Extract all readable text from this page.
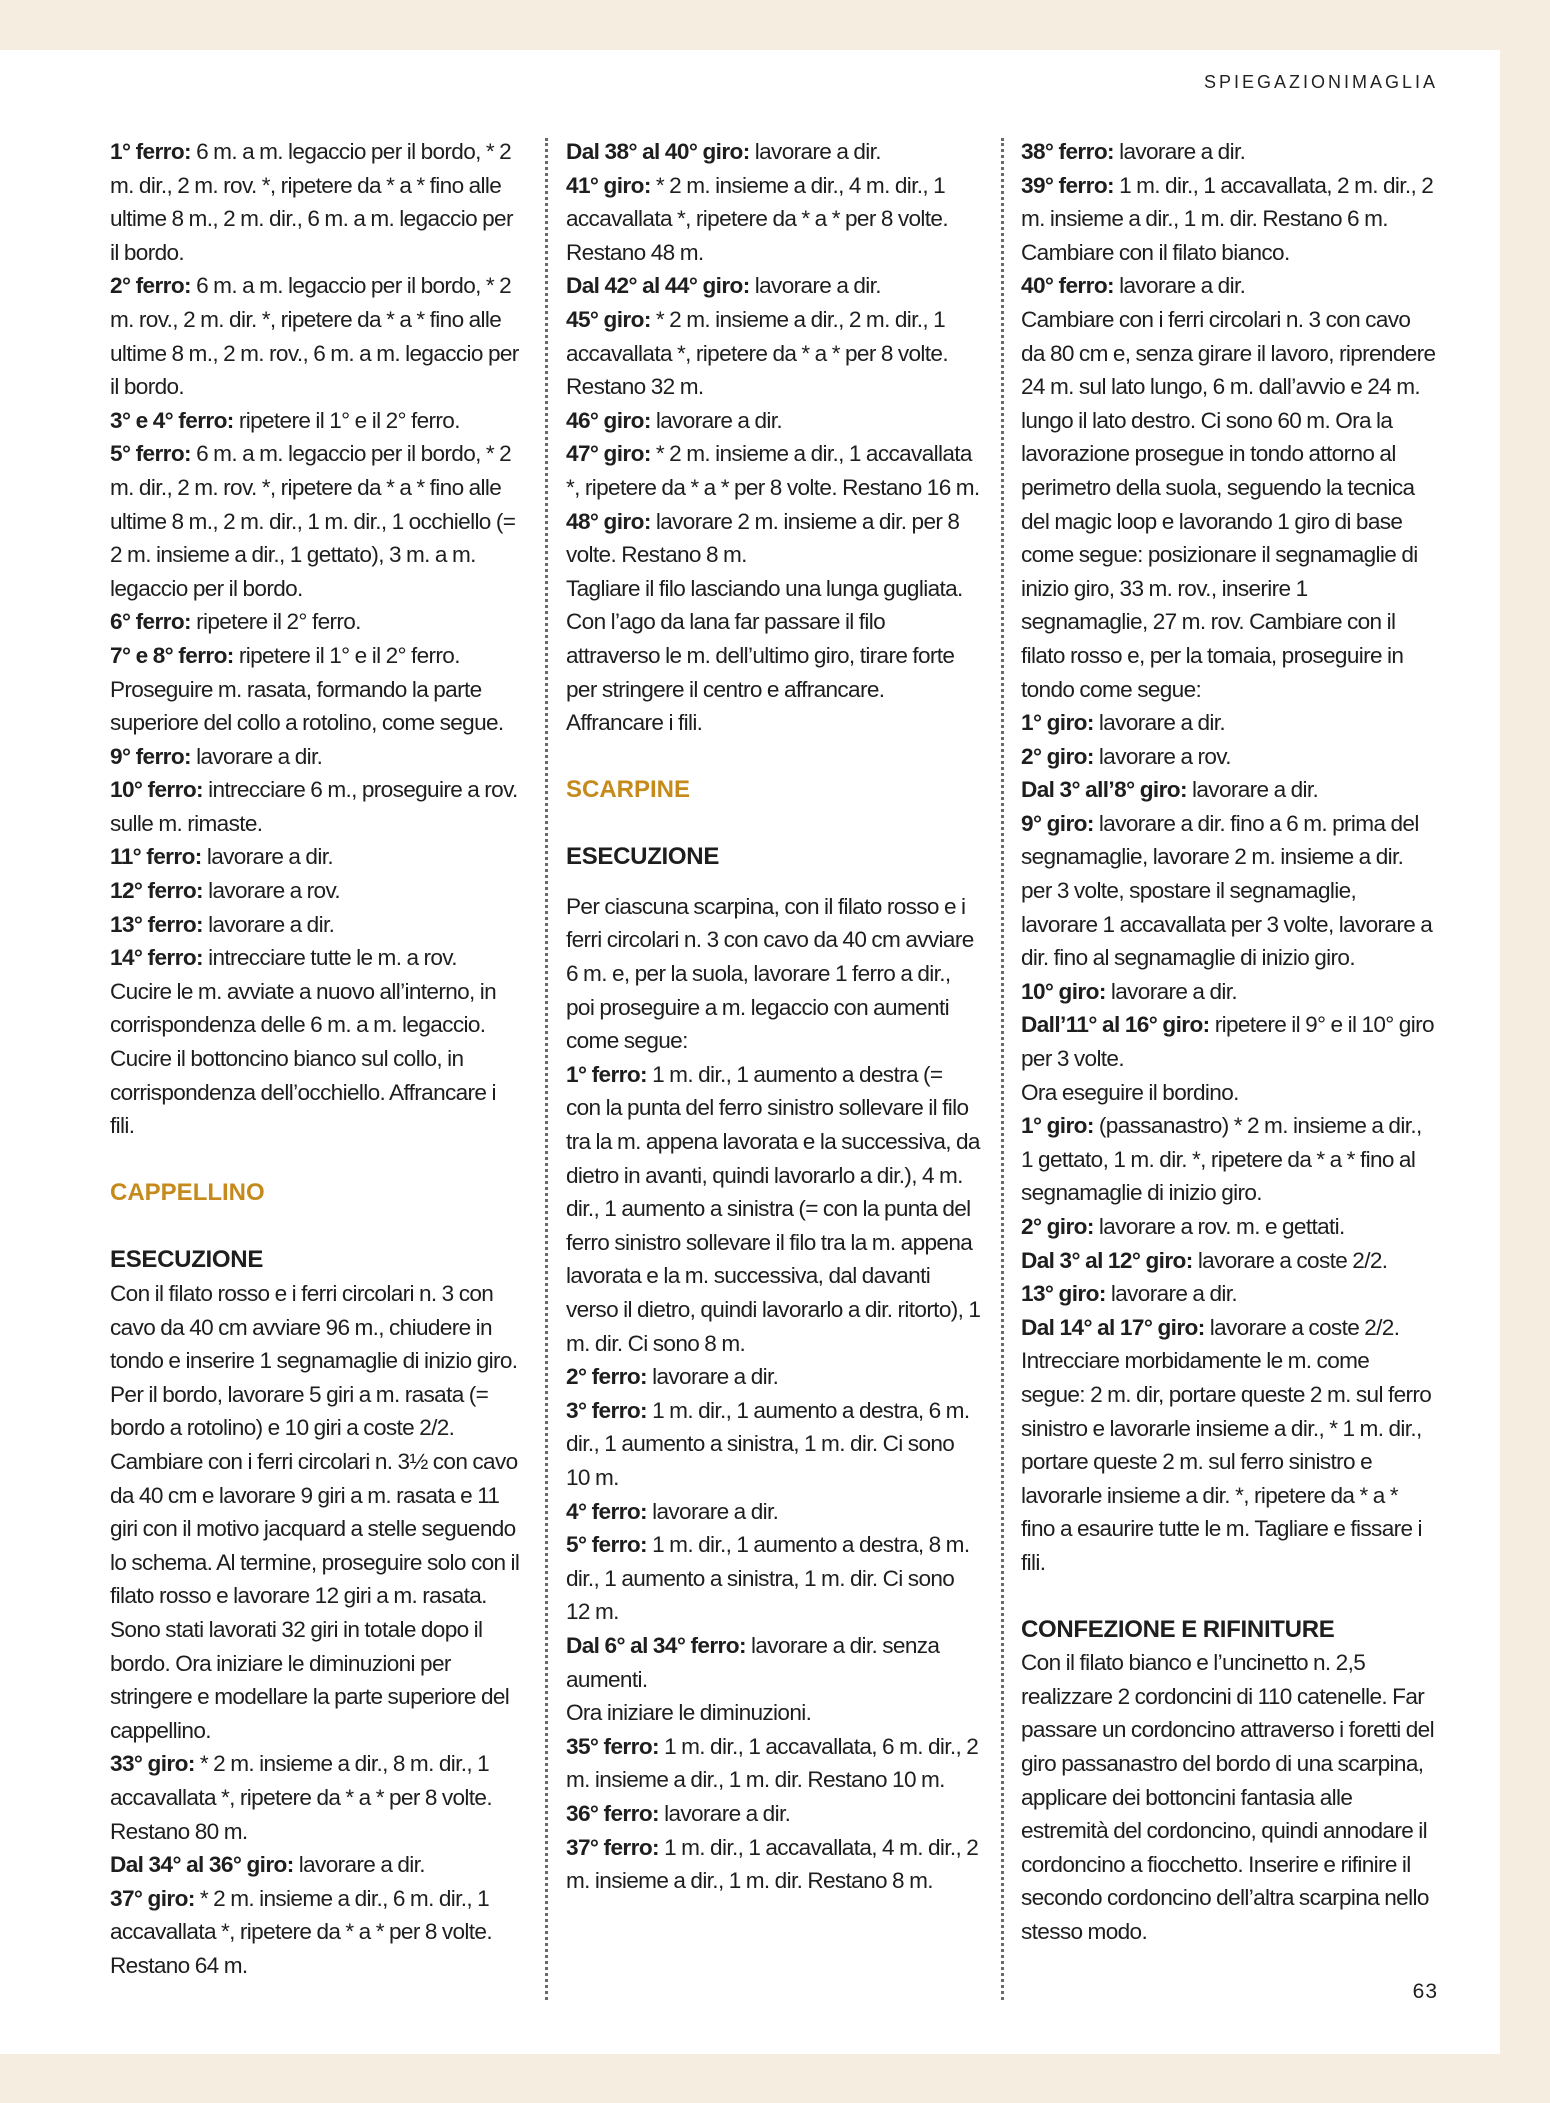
SPIEGAZIONIMAGLIA

1° ferro: 6 m. a m. legaccio per il bordo, * 2 m. dir., 2 m. rov. *, ripetere da * a * fino alle ultime 8 m., 2 m. dir., 6 m. a m. legaccio per il bordo.

2° ferro: 6 m. a m. legaccio per il bordo, * 2 m. rov., 2 m. dir. *, ripetere da * a * fino alle ultime 8 m., 2 m. rov., 6 m. a m. legaccio per il bordo.

3° e 4° ferro: ripetere il 1° e il 2° ferro.

5° ferro: 6 m. a m. legaccio per il bordo, * 2 m. dir., 2 m. rov. *, ripetere da * a * fino alle ultime 8 m., 2 m. dir., 1 m. dir., 1 occhiello (= 2 m. insieme a dir., 1 gettato), 3 m. a m. legaccio per il bordo.

6° ferro: ripetere il 2° ferro.

7° e 8° ferro: ripetere il 1° e il 2° ferro.

Proseguire m. rasata, formando la parte superiore del collo a rotolino, come segue.

9° ferro: lavorare a dir.

10° ferro: intrecciare 6 m., proseguire a rov. sulle m. rimaste.

11° ferro: lavorare a dir.

12° ferro: lavorare a rov.

13° ferro: lavorare a dir.

14° ferro: intrecciare tutte le m. a rov.

Cucire le m. avviate a nuovo all’interno, in corrispondenza delle 6 m. a m. legaccio. Cucire il bottoncino bianco sul collo, in corrispondenza dell’occhiello. Affrancare i fili.

CAPPELLINO
ESECUZIONE

Con il filato rosso e i ferri circolari n. 3 con cavo da 40 cm avviare 96 m., chiudere in tondo e inserire 1 segnamaglie di inizio giro. Per il bordo, lavorare 5 giri a m. rasata (= bordo a rotolino) e 10 giri a coste 2/2. Cambiare con i ferri circolari n. 3½ con cavo da 40 cm e lavorare 9 giri a m. rasata e 11 giri con il motivo jacquard a stelle seguendo lo schema. Al termine, proseguire solo con il filato rosso e lavorare 12 giri a m. rasata. Sono stati lavorati 32 giri in totale dopo il bordo. Ora iniziare le diminuzioni per stringere e modellare la parte superiore del cappellino.

33° giro: * 2 m. insieme a dir., 8 m. dir., 1 accavallata *, ripetere da * a * per 8 volte. Restano 80 m.

Dal 34° al 36° giro: lavorare a dir.

37° giro: * 2 m. insieme a dir., 6 m. dir., 1 accavallata *, ripetere da * a * per 8 volte. Restano 64 m.

Dal 38° al 40° giro: lavorare a dir.

41° giro: * 2 m. insieme a dir., 4 m. dir., 1 accavallata *, ripetere da * a * per 8 volte. Restano 48 m.

Dal 42° al 44° giro: lavorare a dir.

45° giro: * 2 m. insieme a dir., 2 m. dir., 1 accavallata *, ripetere da * a * per 8 volte. Restano 32 m.

46° giro: lavorare a dir.

47° giro: * 2 m. insieme a dir., 1 accavallata *, ripetere da * a * per 8 volte. Restano 16 m.

48° giro: lavorare 2 m. insieme a dir. per 8 volte. Restano 8 m.

Tagliare il filo lasciando una lunga gugliata. Con l’ago da lana far passare il filo attraverso le m. dell’ultimo giro, tirare forte per stringere il centro e affrancare. Affrancare i fili.

SCARPINE
ESECUZIONE

Per ciascuna scarpina, con il filato rosso e i ferri circolari n. 3 con cavo da 40 cm avviare 6 m. e, per la suola, lavorare 1 ferro a dir., poi proseguire a m. legaccio con aumenti come segue:

1° ferro: 1 m. dir., 1 aumento a destra (= con la punta del ferro sinistro sollevare il filo tra la m. appena lavorata e la successiva, da dietro in avanti, quindi lavorarlo a dir.), 4 m. dir., 1 aumento a sinistra (= con la punta del ferro sinistro sollevare il filo tra la m. appena lavorata e la m. successiva, dal davanti verso il dietro, quindi lavorarlo a dir. ritorto), 1 m. dir. Ci sono 8 m.

2° ferro: lavorare a dir.

3° ferro: 1 m. dir., 1 aumento a destra, 6 m. dir., 1 aumento a sinistra, 1 m. dir. Ci sono 10 m.

4° ferro: lavorare a dir.

5° ferro: 1 m. dir., 1 aumento a destra, 8 m. dir., 1 aumento a sinistra, 1 m. dir. Ci sono 12 m.

Dal 6° al 34° ferro: lavorare a dir. senza aumenti.

Ora iniziare le diminuzioni.

35° ferro: 1 m. dir., 1 accavallata, 6 m. dir., 2 m. insieme a dir., 1 m. dir. Restano 10 m.

36° ferro: lavorare a dir.

37° ferro: 1 m. dir., 1 accavallata, 4 m. dir., 2 m. insieme a dir., 1 m. dir. Restano 8 m.

38° ferro: lavorare a dir.

39° ferro: 1 m. dir., 1 accavallata, 2 m. dir., 2 m. insieme a dir., 1 m. dir. Restano 6 m. Cambiare con il filato bianco.

40° ferro: lavorare a dir.

Cambiare con i ferri circolari n. 3 con cavo da 80 cm e, senza girare il lavoro, riprendere 24 m. sul lato lungo, 6 m. dall’avvio e 24 m. lungo il lato destro. Ci sono 60 m. Ora la lavorazione prosegue in tondo attorno al perimetro della suola, seguendo la tecnica del magic loop e lavorando 1 giro di base come segue: posizionare il segnamaglie di inizio giro, 33 m. rov., inserire 1 segnamaglie, 27 m. rov. Cambiare con il filato rosso e, per la tomaia, proseguire in tondo come segue:

1° giro: lavorare a dir.

2° giro: lavorare a rov.

Dal 3° all’8° giro: lavorare a dir.

9° giro: lavorare a dir. fino a 6 m. prima del segnamaglie, lavorare 2 m. insieme a dir. per 3 volte, spostare il segnamaglie, lavorare 1 accavallata per 3 volte, lavorare a dir. fino al segnamaglie di inizio giro.

10° giro: lavorare a dir.

Dall’11° al 16° giro: ripetere il 9° e il 10° giro per 3 volte.

Ora eseguire il bordino.

1° giro: (passanastro) * 2 m. insieme a dir., 1 gettato, 1 m. dir. *, ripetere da * a * fino al segnamaglie di inizio giro.

2° giro: lavorare a rov. m. e gettati.

Dal 3° al 12° giro: lavorare a coste 2/2.

13° giro: lavorare a dir.

Dal 14° al 17° giro: lavorare a coste 2/2.

Intrecciare morbidamente le m. come segue: 2 m. dir, portare queste 2 m. sul ferro sinistro e lavorarle insieme a dir., * 1 m. dir., portare queste 2 m. sul ferro sinistro e lavorarle insieme a dir. *, ripetere da * a * fino a esaurire tutte le m. Tagliare e fissare i fili.

CONFEZIONE E RIFINITURE

Con il filato bianco e l’uncinetto n. 2,5 realizzare 2 cordoncini di 110 catenelle. Far passare un cordoncino attraverso i foretti del giro passanastro del bordo di una scarpina, applicare dei bottoncini fantasia alle estremità del cordoncino, quindi annodare il cordoncino a fiocchetto. Inserire e rifinire il secondo cordoncino dell’altra scarpina nello stesso modo.

63
